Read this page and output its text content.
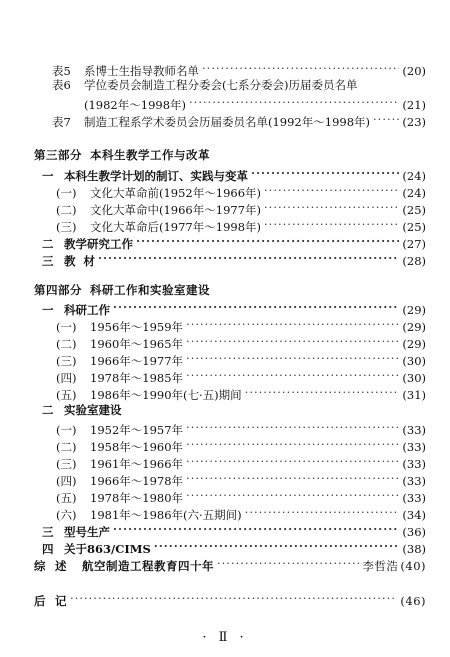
表5	系博士生指导教师名单 ·····	(20)
表6	学位委员会制造工程分委会(七系分委会)历届委员名单
(1982年～1998年) ·····	(21)
表7	制造工程系学术委员会历届委员名单(1992年～1998年) ·····	(23)
第三部分 本科生教学工作与改革
一 本科生教学计划的制订、实践与变革 ·····	(24)
(一)	文化大革命前(1952年～1966年) ·····	(24)
(二)	文化大革命中(1966年～1977年) ·····	(25)
(三)	文化大革命后(1977年～1998年) ·····	(25)
二 教学研究工作 ·····	(27)
三 教  材 ·····	(28)
第四部分 科研工作和实验室建设
一 科研工作 ·····	(29)
(一)	1956年～1959年 ·····	(29)
(二)	1960年～1965年 ·····	(29)
(三)	1966年～1977年 ·····	(30)
(四)	1978年～1985年 ·····	(30)
(五)	1986年～1990年(七·五)期间 ·····	(31)
二 实验室建设
(一)	1952年～1957年 ·····	(33)
(二)	1958年～1960年 ·····	(33)
(三)	1961年～1966年 ·····	(33)
(四)	1966年～1978年 ·····	(33)
(五)	1978年～1980年 ·····	(33)
(六)	1981年～1986年(六·五期间) ·····	(34)
三 型号生产 ·····	(36)
四 关于863/CIMS ·····	(38)
综  述	航空制造工程教育四十年 ·····	李哲浩 (40)
后  记 ·····	(46)
· Ⅱ ·
